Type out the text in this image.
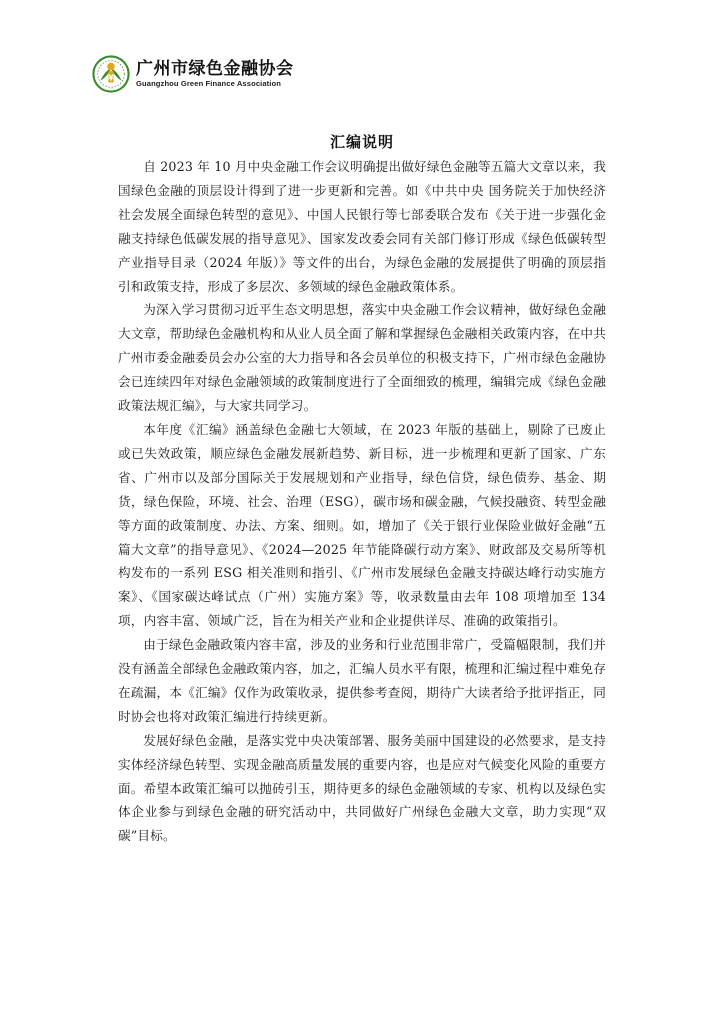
¥ 广州市绿色金融协会
Guangzhou Green Finance Association
汇编说明

自 2023 年 10 月中央金融工作会议明确提出做好绿色金融等五篇大文章以来，我国绿色金融的顶层设计得到了进一步更新和完善。如《中共中央 国务院关于加快经济社会发展全面绿色转型的意见》、中国人民银行等七部委联合发布《关于进一步强化金融支持绿色低碳发展的指导意见》、国家发改委会同有关部门修订形成《绿色低碳转型产业指导目录（2024 年版）》等文件的出台，为绿色金融的发展提供了明确的顶层指引和政策支持，形成了多层次、多领域的绿色金融政策体系。

为深入学习贯彻习近平生态文明思想，落实中央金融工作会议精神，做好绿色金融大文章，帮助绿色金融机构和从业人员全面了解和掌握绿色金融相关政策内容，在中共广州市委金融委员会办公室的大力指导和各会员单位的积极支持下，广州市绿色金融协会已连续四年对绿色金融领域的政策制度进行了全面细致的梳理，编辑完成《绿色金融政策法规汇编》，与大家共同学习。

本年度《汇编》涵盖绿色金融七大领域，在 2023 年版的基础上，剔除了已废止或已失效政策，顺应绿色金融发展新趋势、新目标，进一步梳理和更新了国家、广东省、广州市以及部分国际关于发展规划和产业指导，绿色信贷，绿色债券、基金、期货，绿色保险，环境、社会、治理（ESG），碳市场和碳金融，气候投融资、转型金融等方面的政策制度、办法、方案、细则。如，增加了《关于银行业保险业做好金融“五篇大文章”的指导意见》、《2024—2025 年节能降碳行动方案》、财政部及交易所等机构发布的一系列 ESG 相关准则和指引、《广州市发展绿色金融支持碳达峰行动实施方案》、《国家碳达峰试点（广州）实施方案》等，收录数量由去年 108 项增加至 134 项，内容丰富、领域广泛，旨在为相关产业和企业提供详尽、准确的政策指引。

由于绿色金融政策内容丰富，涉及的业务和行业范围非常广，受篇幅限制，我们并没有涵盖全部绿色金融政策内容，加之，汇编人员水平有限，梳理和汇编过程中难免存在疏漏，本《汇编》仅作为政策收录，提供参考查阅，期待广大读者给予批评指正，同时协会也将对政策汇编进行持续更新。

发展好绿色金融，是落实党中央决策部署、服务美丽中国建设的必然要求，是支持实体经济绿色转型、实现金融高质量发展的重要内容，也是应对气候变化风险的重要方面。希望本政策汇编可以抛砖引玉，期待更多的绿色金融领域的专家、机构以及绿色实体企业参与到绿色金融的研究活动中，共同做好广州绿色金融大文章，助力实现“双碳”目标。
